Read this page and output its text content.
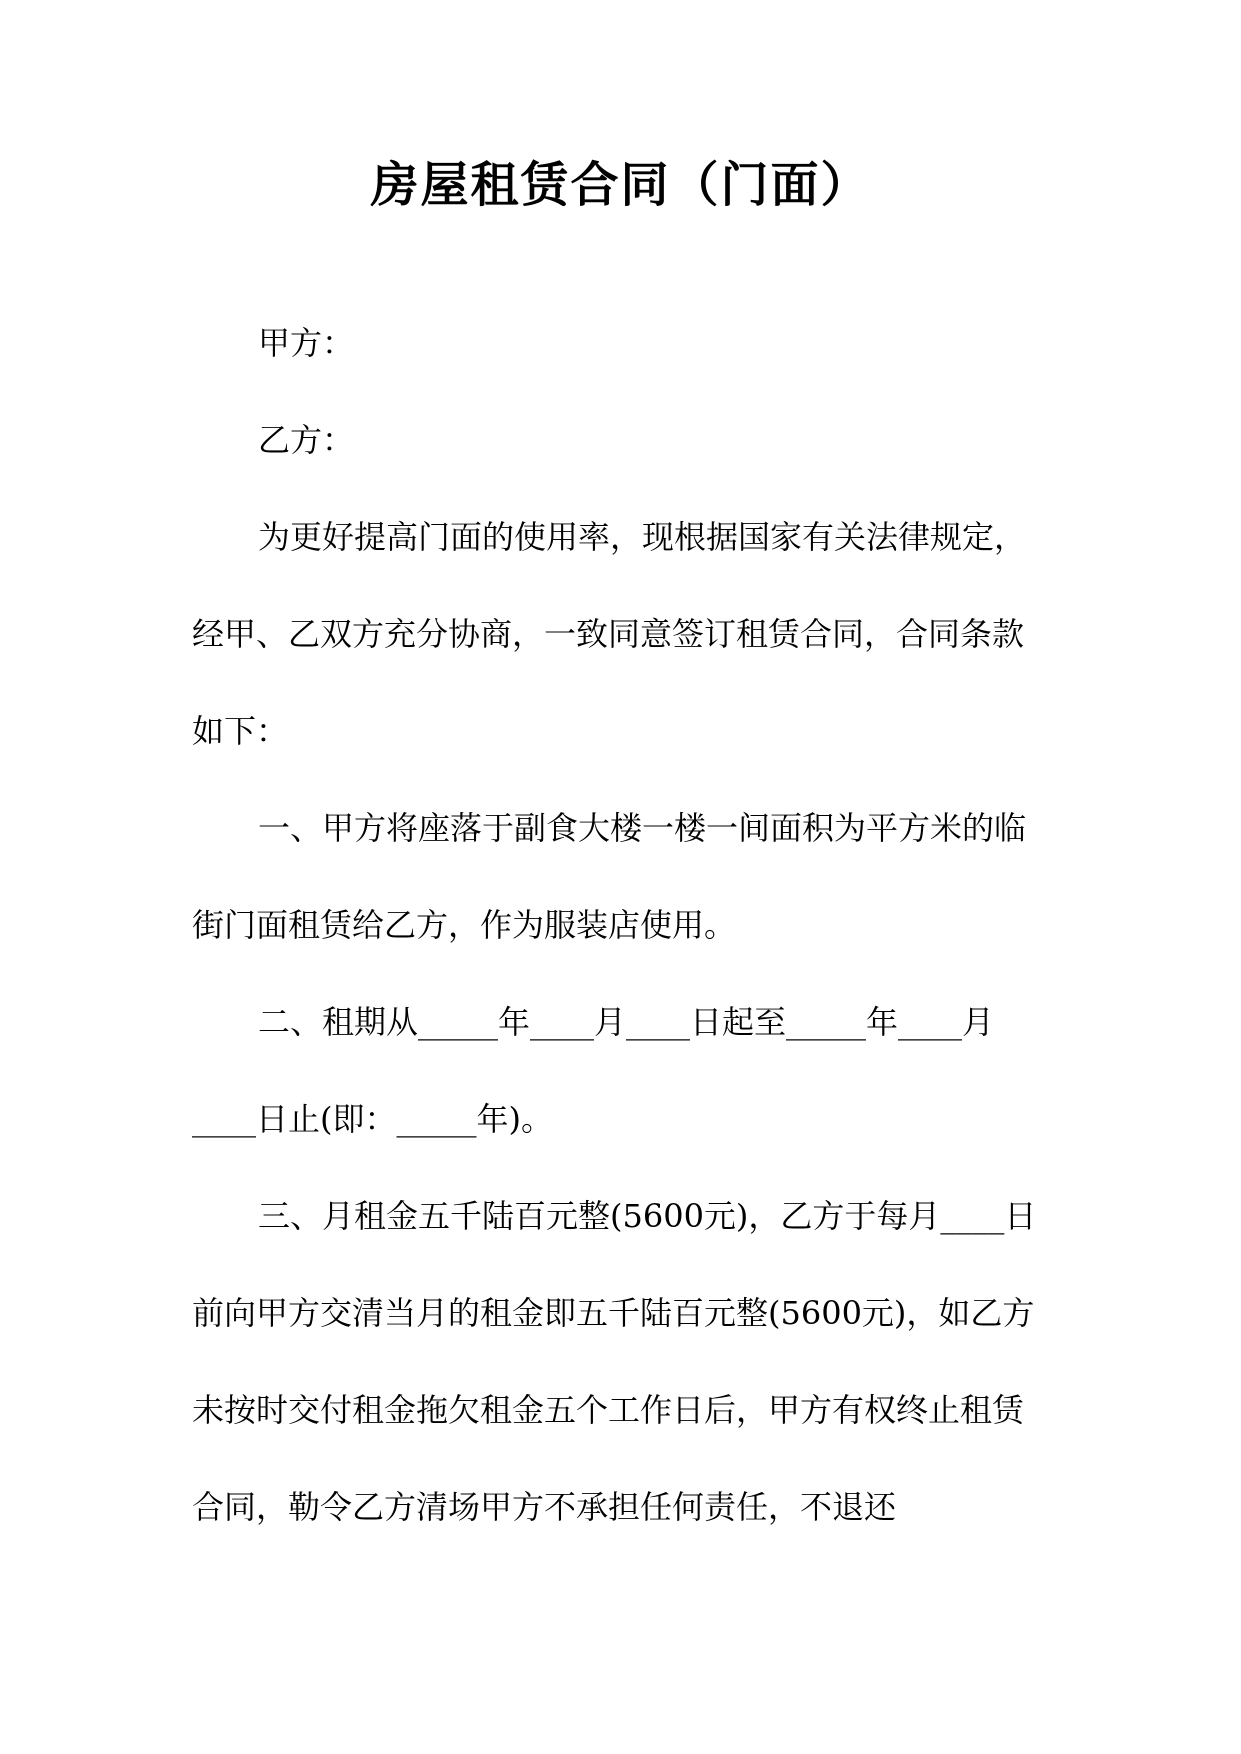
房屋租赁合同（门面）

甲方：

乙方：

为更好提高门面的使用率，现根据国家有关法律规定，经甲、乙双方充分协商，一致同意签订租赁合同，合同条款如下：

一、甲方将座落于副食大楼一楼一间面积为平方米的临街门面租赁给乙方，作为服装店使用。

二、租期从_____年____月____日起至_____年____月____日止(即：_____年)。

三、月租金五千陆百元整(5600元)，乙方于每月____日前向甲方交清当月的租金即五千陆百元整(5600元)，如乙方未按时交付租金拖欠租金五个工作日后，甲方有权终止租赁合同，勒令乙方清场甲方不承担任何责任，不退还
